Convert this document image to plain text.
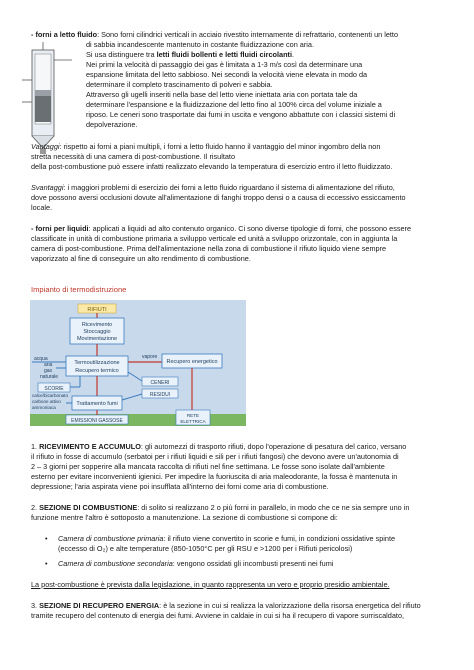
- forni a letto fluido: Sono forni cilindrici verticali in acciaio rivestito internamente di refrattario, contenenti un letto
di sabbia incandescente mantenuto in costante fluidizzazione con aria.
Si usa distinguere tra letti fluidi bollenti e letti fluidi circolanti.
Nei primi la velocità di passaggio dei gas è limitata a 1-3 m/s così da determinare una
espansione limitata del letto sabbioso. Nei secondi la velocità viene elevata in modo da
determinare il completo trascinamento di polveri e sabbia.
Attraverso gli ugelli inseriti nella base del letto viene iniettata aria con portata tale da
determinare l'espansione e la fluidizzazione del letto fino al 100% circa del volume iniziale a
riposo. Le ceneri sono trasportate dai fumi in uscita e vengono abbattute con i classici sistemi di
depolverazione.
Vantaggi: rispetto ai forni a piani multipli, i forni a letto fluido hanno il vantaggio del minor ingombro della non
stretta necessità di una camera di post-combustione. Il risultato
della post-combustione può essere infatti realizzato elevando la temperatura di esercizio entro il letto fluidizzato.
Svantaggi: i maggiori problemi di esercizio dei forni a letto fluido riguardano il sistema di alimentazione del rifiuto,
dove possono aversi occlusioni dovute all'alimentazione di fanghi troppo densi o a causa di eccessivo essiccamento
locale.
- forni per liquidi: applicati a liquidi ad alto contenuto organico. Ci sono diverse tipologie di forni, che possono essere
classificate in unità di combustione primaria a sviluppo verticale ed unità a sviluppo orizzontale, con in aggiunta la
camera di post-combustione. Prima dell'alimentazione nella zona di combustione il rifiuto liquido viene sempre
vaporizzato al fine di conseguire un alto rendimento di combustione.
Impianto di termodistruzione
RIFIUTI
Ricevimento
Stoccaggio
Movimentazione
Termoutilizzazione
Recupero termico
acqua
aria
gas
naturale
vapore
Recupero energetico
SCORIE
CENERI
calce/bicarbonato
carbone attivo
ammoniaca
Trattamento fumi
RESIDUI
EMISSIONI GASSOSE
RETE
ELETTRICA
1. RICEVIMENTO E ACCUMULO: gli automezzi di trasporto rifiuti, dopo l'operazione di pesatura del carico, versano
il rifiuto in fosse di accumulo (serbatoi per i rifiuti liquidi e sili per i rifiuti fangosi) che devono avere un'autonomia di
2 – 3 giorni per sopperire alla mancata raccolta di rifiuti nel fine settimana. Le fosse sono isolate dall'ambiente
esterno per evitare inconvenienti igienici. Per impedire la fuoriuscita di aria maleodorante, la fossa è mantenuta in
depressione; l'aria aspirata viene poi insufflata all'interno dei forni come aria di combustione.
2. SEZIONE DI COMBUSTIONE: di solito si realizzano 2 o più forni in parallelo, in modo che ce ne sia sempre uno in
funzione mentre l'altro è sottoposto a manutenzione. La sezione di combustione si compone di:
• Camera di combustione primaria: il rifiuto viene convertito in scorie e fumi, in condizioni ossidative spinte
(eccesso di O₂) e alte temperature (850-1050°C per gli RSU e >1200 per i Rifiuti pericolosi)
• Camera di combustione secondaria: vengono ossidati gli incombusti presenti nei fumi
La post-combustione è prevista dalla legislazione, in quanto rappresenta un vero e proprio presidio ambientale.
3. SEZIONE DI RECUPERO ENERGIA: è la sezione in cui si realizza la valorizzazione della risorsa energetica del rifiuto
tramite recupero del contenuto di energia dei fumi. Avviene in caldaie in cui si ha il recupero di vapore surriscaldato,
